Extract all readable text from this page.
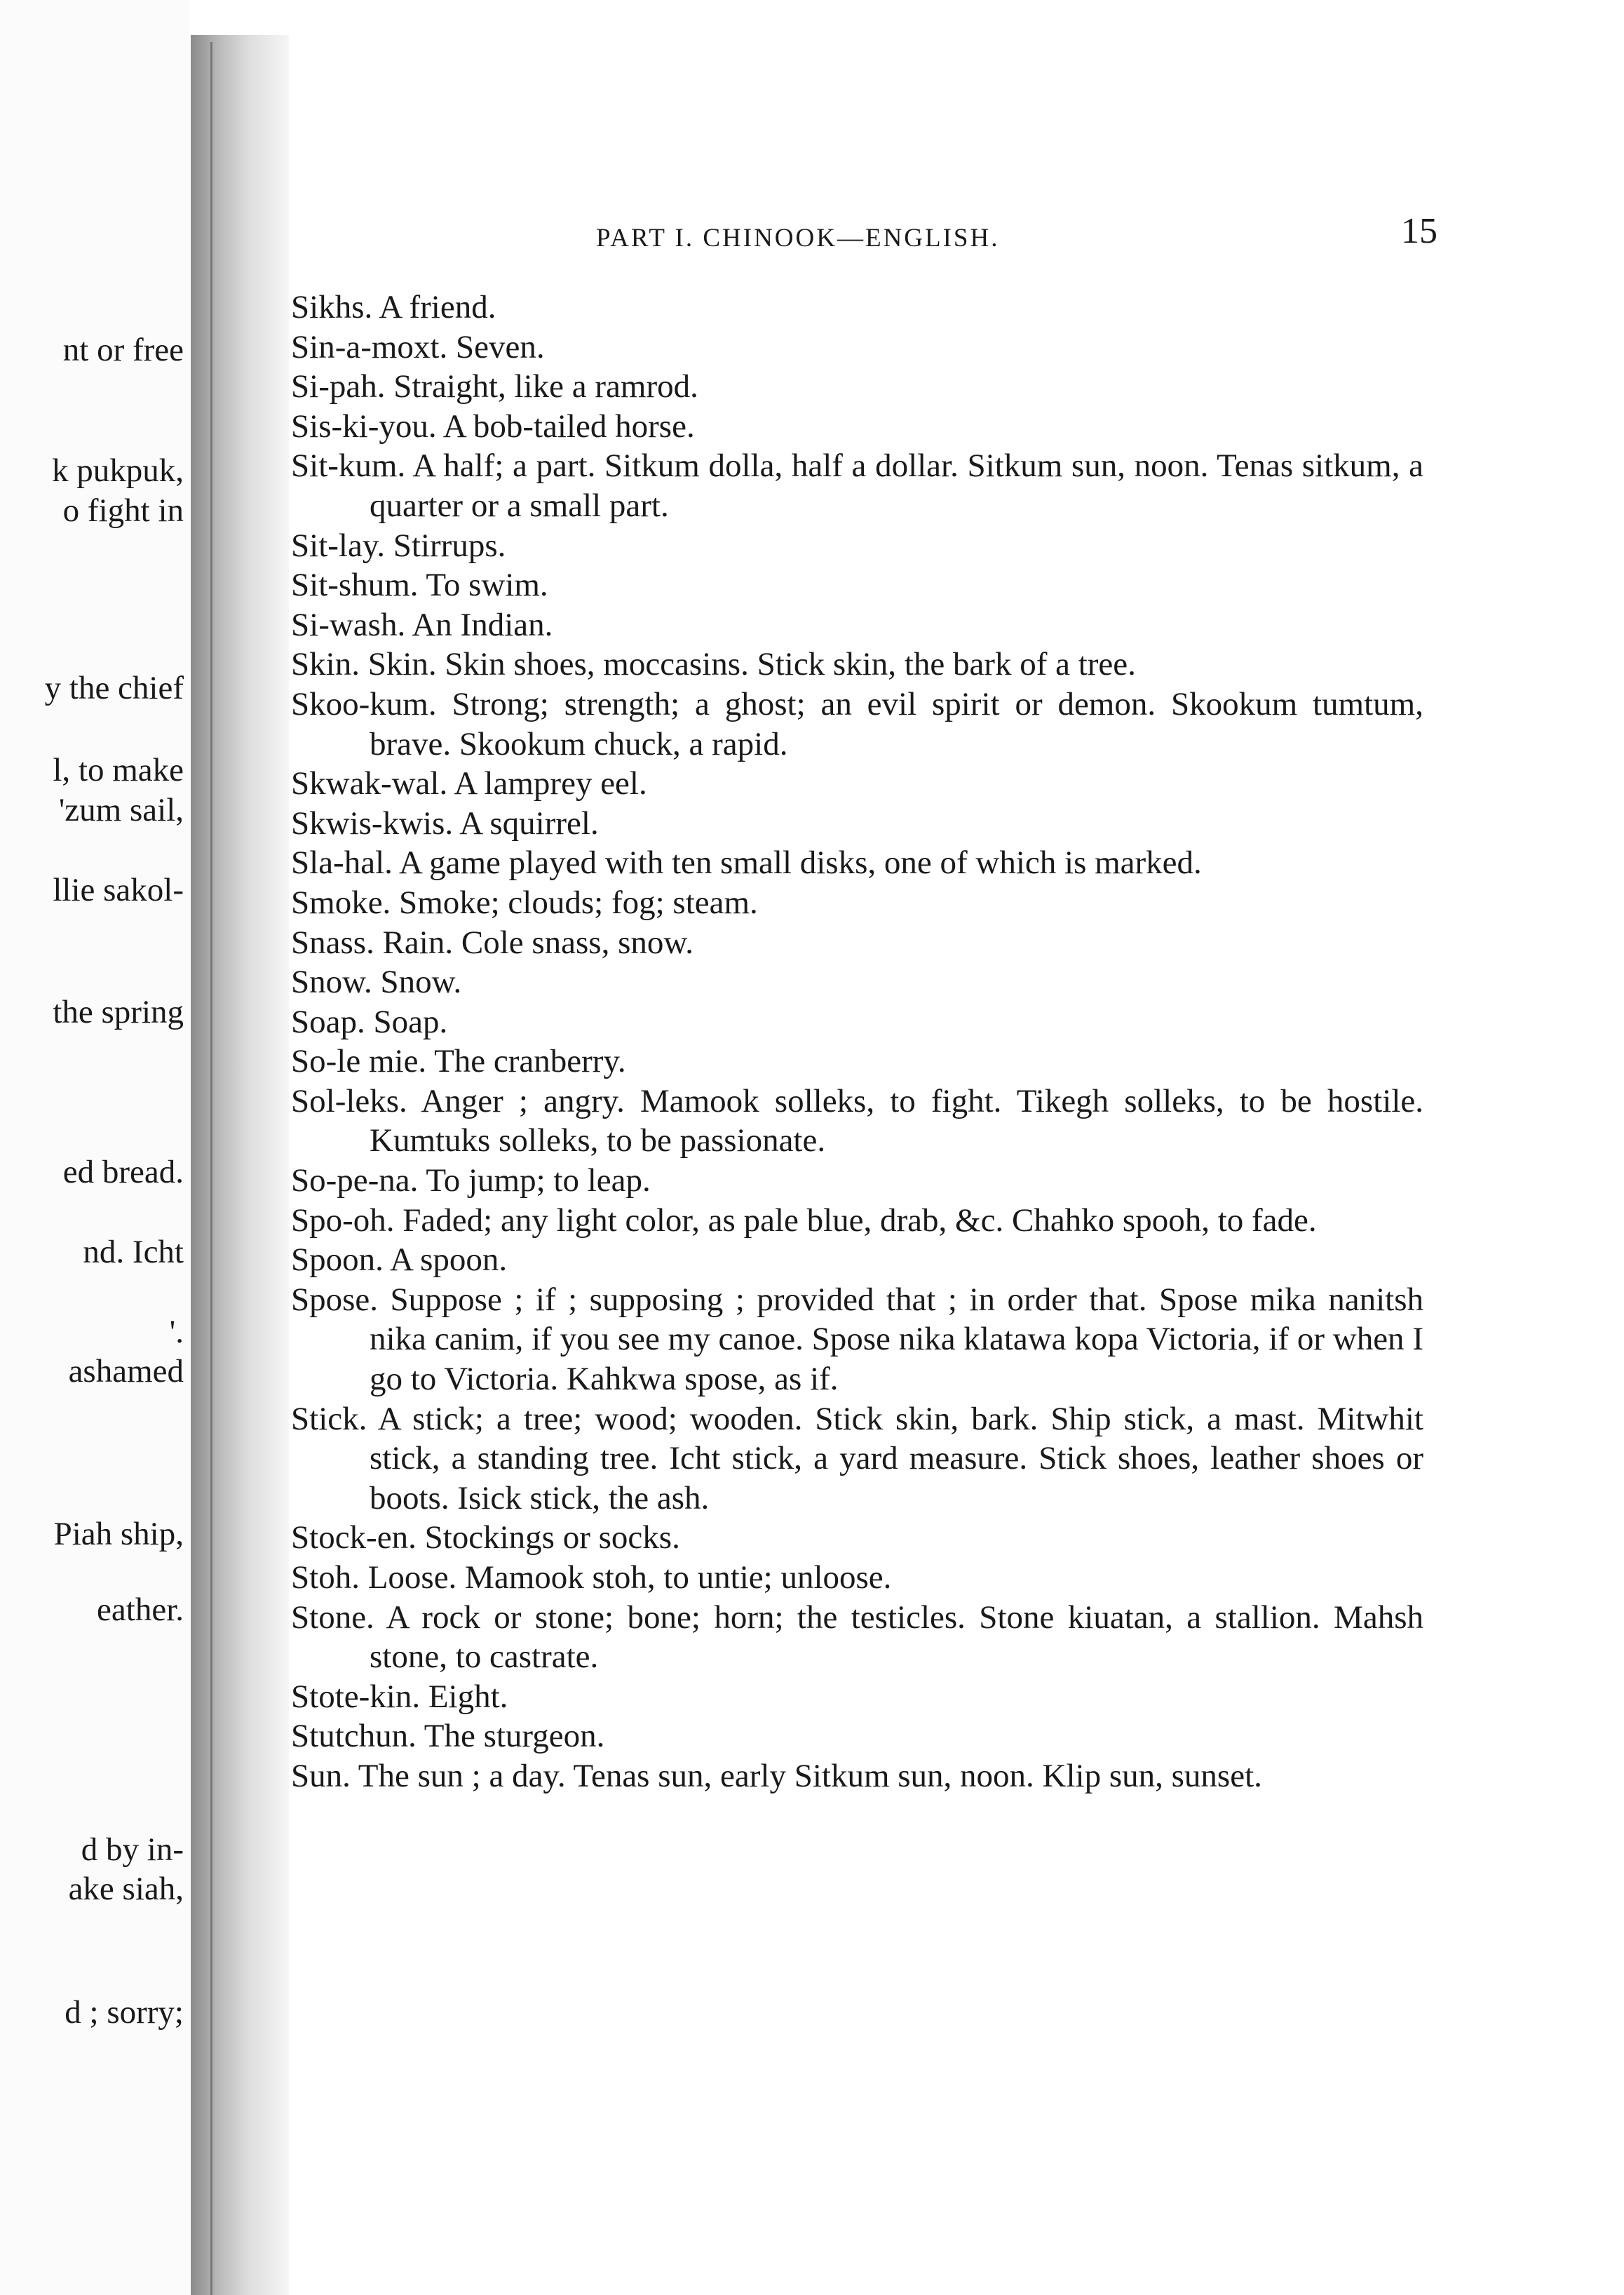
nt or free
k pukpuk,
o fight in
y the chief
l, to make
'zum sail,
llie sakol-
the spring
ed bread.
nd. Icht
'.
ashamed
Piah ship,
eather.
d by in-
ake siah,
d ; sorry;
PART I. CHINOOK—ENGLISH.	15

Sikhs. A friend.

Sin-a-moxt. Seven.

Si-pah. Straight, like a ramrod.

Sis-ki-you. A bob-tailed horse.

Sit-kum. A half; a part. Sitkum dolla, half a dollar. Sitkum sun, noon. Tenas sitkum, a quarter or a small part.

Sit-lay. Stirrups.

Sit-shum. To swim.

Si-wash. An Indian.

Skin. Skin. Skin shoes, moccasins. Stick skin, the bark of a tree.

Skoo-kum. Strong; strength; a ghost; an evil spirit or demon. Skookum tumtum, brave. Skookum chuck, a rapid.

Skwak-wal. A lamprey eel.

Skwis-kwis. A squirrel.

Sla-hal. A game played with ten small disks, one of which is marked.

Smoke. Smoke; clouds; fog; steam.

Snass. Rain. Cole snass, snow.

Snow. Snow.

Soap. Soap.

So-le mie. The cranberry.

Sol-leks. Anger ; angry. Mamook solleks, to fight. Tikegh solleks, to be hostile. Kumtuks solleks, to be passionate.

So-pe-na. To jump; to leap.

Spo-oh. Faded; any light color, as pale blue, drab, &c. Chahko spooh, to fade.

Spoon. A spoon.

Spose. Suppose ; if ; supposing ; provided that ; in order that. Spose mika nanitsh nika canim, if you see my canoe. Spose nika klatawa kopa Victoria, if or when I go to Victoria. Kahkwa spose, as if.

Stick. A stick; a tree; wood; wooden. Stick skin, bark. Ship stick, a mast. Mitwhit stick, a standing tree. Icht stick, a yard measure. Stick shoes, leather shoes or boots. Isick stick, the ash.

Stock-en. Stockings or socks.

Stoh. Loose. Mamook stoh, to untie; unloose.

Stone. A rock or stone; bone; horn; the testicles. Stone kiuatan, a stallion. Mahsh stone, to castrate.

Stote-kin. Eight.

Stutchun. The sturgeon.

Sun. The sun ; a day. Tenas sun, early Sitkum sun, noon. Klip sun, sunset.
